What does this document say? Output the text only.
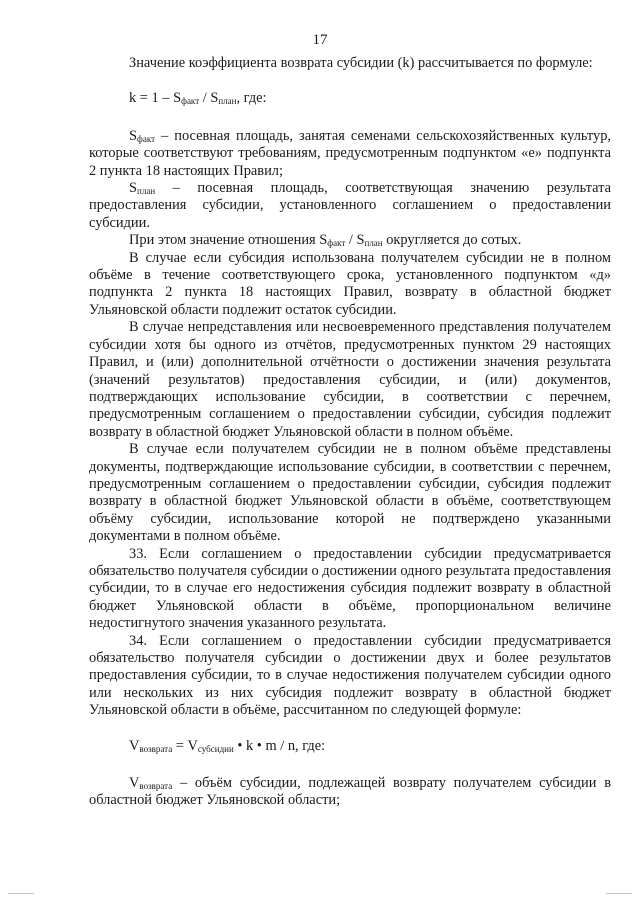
17

Значение коэффициента возврата субсидии (k) рассчитывается по формуле:

$k = 1 - S_{факт} / S_{план}$, где:

$S_{факт}$ – посевная площадь, занятая семенами сельскохозяйственных культур, которые соответствуют требованиям, предусмотренным подпунктом «е» подпункта 2 пункта 18 настоящих Правил;

$S_{план}$ – посевная площадь, соответствующая значению результата предоставления субсидии, установленного соглашением о предоставлении субсидии.

При этом значение отношения $S_{факт} / S_{план}$ округляется до сотых.

В случае если субсидия использована получателем субсидии не в полном объёме в течение соответствующего срока, установленного подпунктом «д» подпункта 2 пункта 18 настоящих Правил, возврату в областной бюджет Ульяновской области подлежит остаток субсидии.

В случае непредставления или несвоевременного представления получателем субсидии хотя бы одного из отчётов, предусмотренных пунктом 29 настоящих Правил, и (или) дополнительной отчётности о достижении значения результата (значений результатов) предоставления субсидии, и (или) документов, подтверждающих использование субсидии, в соответствии с перечнем, предусмотренным соглашением о предоставлении субсидии, субсидия подлежит возврату в областной бюджет Ульяновской области в полном объёме.

В случае если получателем субсидии не в полном объёме представлены документы, подтверждающие использование субсидии, в соответствии с перечнем, предусмотренным соглашением о предоставлении субсидии, субсидия подлежит возврату в областной бюджет Ульяновской области в объёме, соответствующем объёму субсидии, использование которой не подтверждено указанными документами в полном объёме.

33. Если соглашением о предоставлении субсидии предусматривается обязательство получателя субсидии о достижении одного результата предоставления субсидии, то в случае его недостижения субсидия подлежит возврату в областной бюджет Ульяновской области в объёме, пропорциональном величине недостигнутого значения указанного результата.

34. Если соглашением о предоставлении субсидии предусматривается обязательство получателя субсидии о достижении двух и более результатов предоставления субсидии, то в случае недостижения получателем субсидии одного или нескольких из них субсидия подлежит возврату в областной бюджет Ульяновской области в объёме, рассчитанном по следующей формуле:

$V_{возврата} = V_{субсидии}$ • k • m / n, где:

$V_{возврата}$ – объём субсидии, подлежащей возврату получателем субсидии в областной бюджет Ульяновской области;
